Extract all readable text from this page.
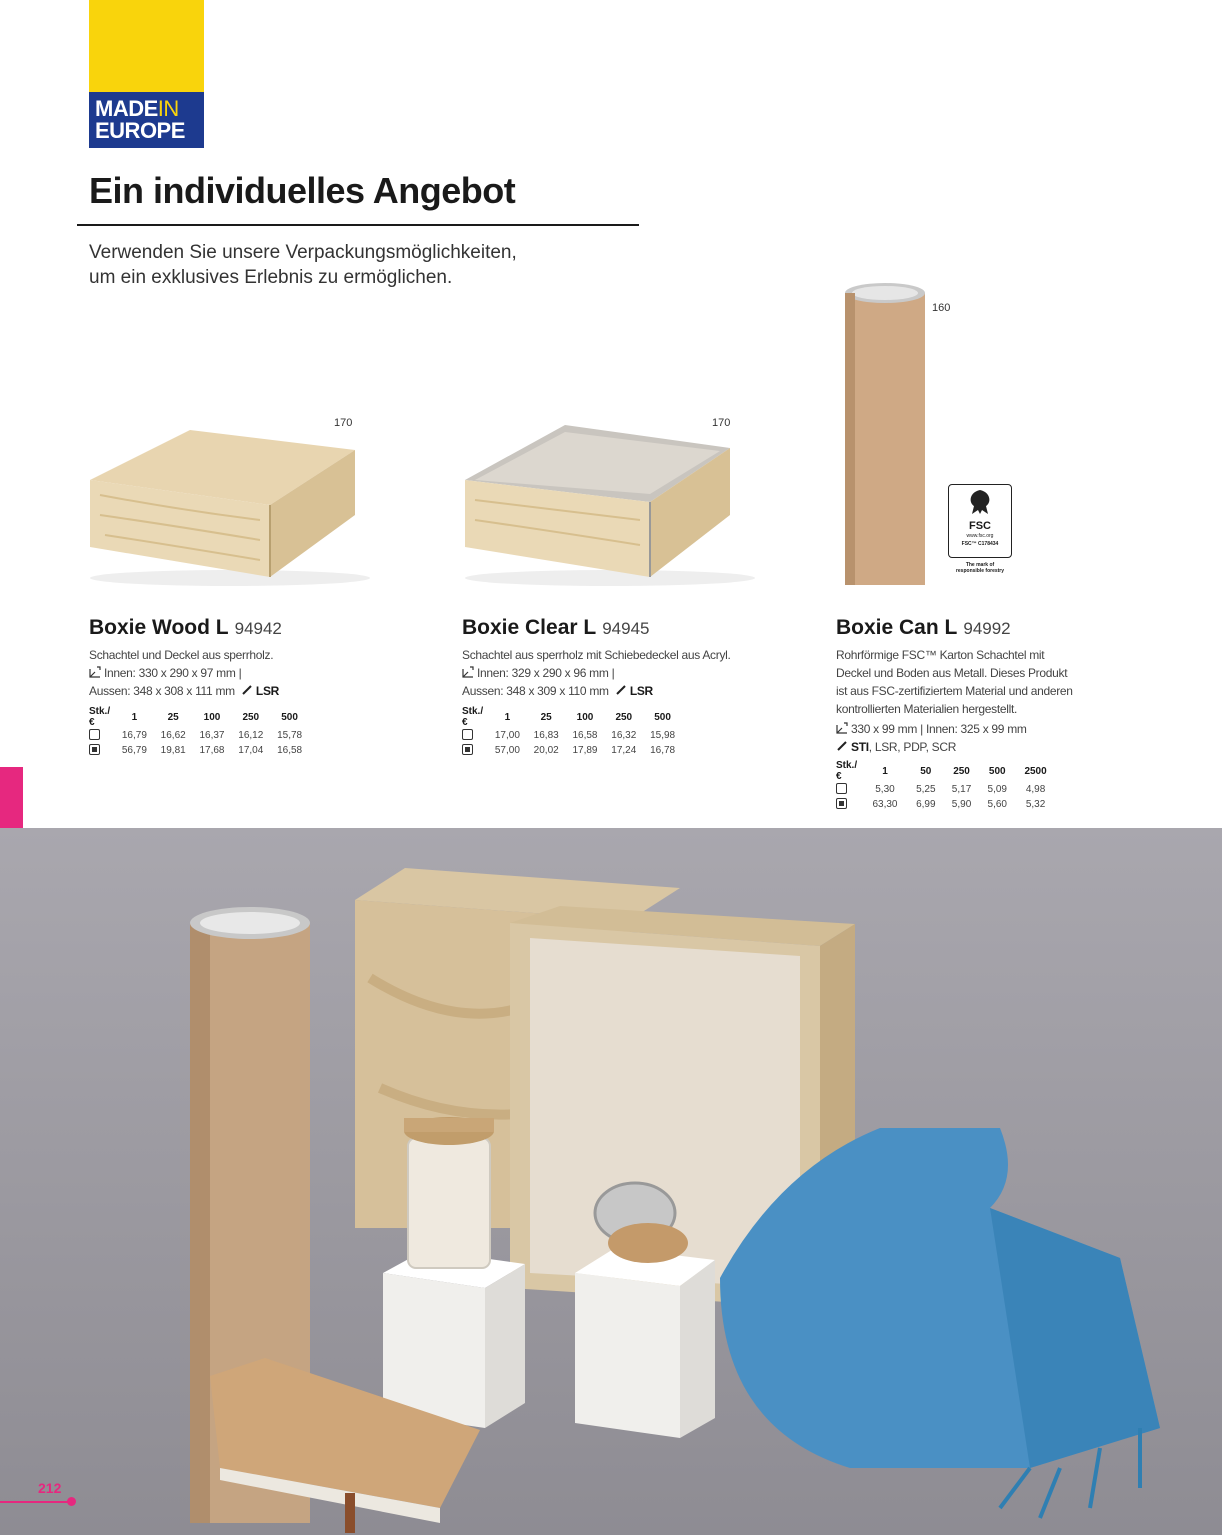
MADEIN
EUROPE
Ein individuelles Angebot
Verwenden Sie unsere Verpackungsmöglichkeiten,
um ein exklusives Erlebnis zu ermöglichen.
170	170
160
FSC
www.fsc.org
FSC™ C178434
The mark of
responsible forestry
Boxie Wood L 94942
Schachtel und Deckel aus sperrholz.
Innen: 330 x 290 x 97 mm |
Aussen: 348 x 308 x 111 mm LSR
Stk./€	1	25	100	250	500
	16,79	16,62	16,37	16,12	15,78
	56,79	19,81	17,68	17,04	16,58
Boxie Clear L 94945
Schachtel aus sperrholz mit Schiebedeckel aus Acryl.
Innen: 329 x 290 x 96 mm |
Aussen: 348 x 309 x 110 mm LSR
Stk./€	1	25	100	250	500
	17,00	16,83	16,58	16,32	15,98
	57,00	20,02	17,89	17,24	16,78
Boxie Can L 94992
Rohrförmige FSC™ Karton Schachtel mit
Deckel und Boden aus Metall. Dieses Produkt
ist aus FSC-zertifiziertem Material und anderen
kontrollierten Materialien hergestellt.
330 x 99 mm | Innen: 325 x 99 mm
STI, LSR, PDP, SCR
Stk./€	1	50	250	500	2500
	5,30	5,25	5,17	5,09	4,98
	63,30	6,99	5,90	5,60	5,32
212
